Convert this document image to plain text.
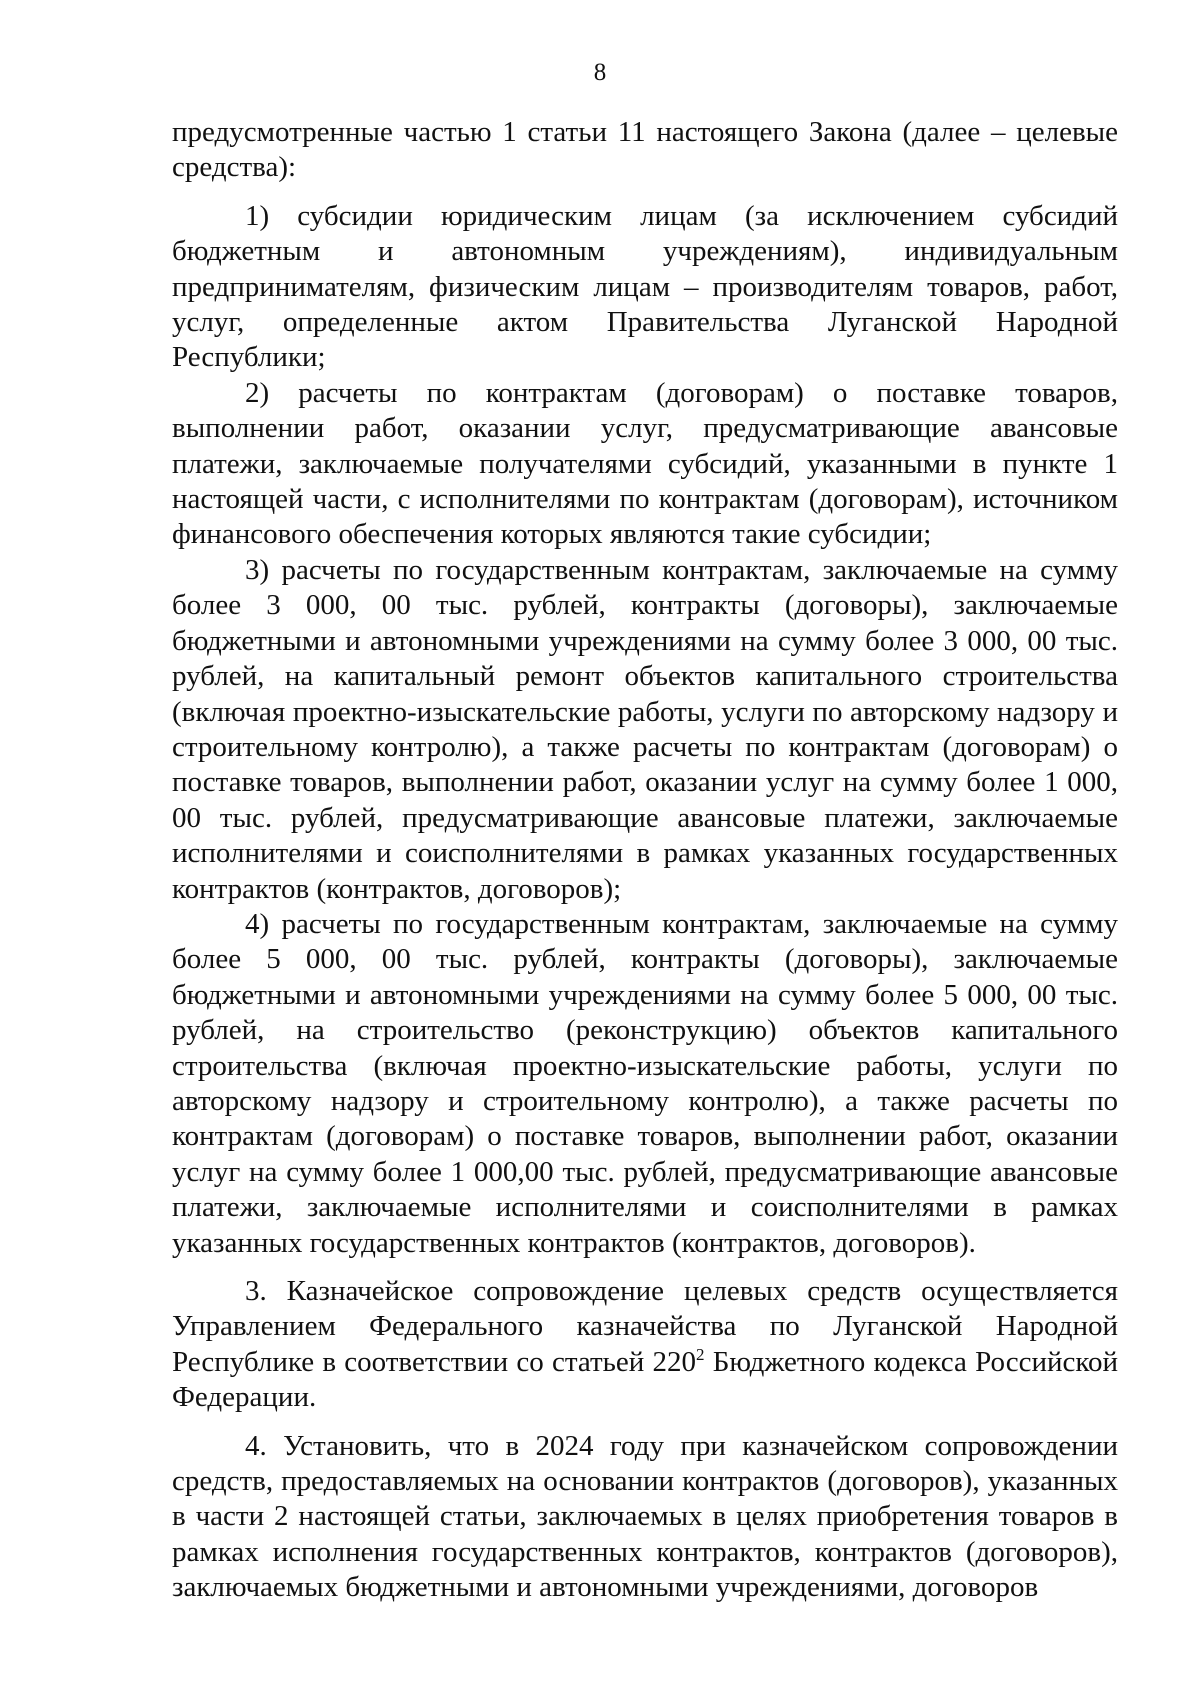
8

предусмотренные частью 1 статьи 11 настоящего Закона (далее – целевые средства):

1) субсидии юридическим лицам (за исключением субсидий бюджетным и автономным учреждениям), индивидуальным предпринимателям, физическим лицам – производителям товаров, работ, услуг, определенные актом Правительства Луганской Народной Республики;

2) расчеты по контрактам (договорам) о поставке товаров, выполнении работ, оказании услуг, предусматривающие авансовые платежи, заключаемые получателями субсидий, указанными в пункте 1 настоящей части, с исполнителями по контрактам (договорам), источником финансового обеспечения которых являются такие субсидии;

3) расчеты по государственным контрактам, заключаемые на сумму более 3 000, 00 тыс. рублей, контракты (договоры), заключаемые бюджетными и автономными учреждениями на сумму более 3 000, 00 тыс. рублей, на капитальный ремонт объектов капитального строительства (включая проектно-изыскательские работы, услуги по авторскому надзору и строительному контролю), а также расчеты по контрактам (договорам) о поставке товаров, выполнении работ, оказании услуг на сумму более 1 000, 00 тыс. рублей, предусматривающие авансовые платежи, заключаемые исполнителями и соисполнителями в рамках указанных государственных контрактов (контрактов, договоров);

4) расчеты по государственным контрактам, заключаемые на сумму более 5 000, 00 тыс. рублей, контракты (договоры), заключаемые бюджетными и автономными учреждениями на сумму более 5 000, 00 тыс. рублей, на строительство (реконструкцию) объектов капитального строительства (включая проектно-изыскательские работы, услуги по авторскому надзору и строительному контролю), а также расчеты по контрактам (договорам) о поставке товаров, выполнении работ, оказании услуг на сумму более 1 000,00 тыс. рублей, предусматривающие авансовые платежи, заключаемые исполнителями и соисполнителями в рамках указанных государственных контрактов (контрактов, договоров).

3. Казначейское сопровождение целевых средств осуществляется Управлением Федерального казначейства по Луганской Народной Республике в соответствии со статьей $220^2$ Бюджетного кодекса Российской Федерации.

4. Установить, что в 2024 году при казначейском сопровождении средств, предоставляемых на основании контрактов (договоров), указанных в части 2 настоящей статьи, заключаемых в целях приобретения товаров в рамках исполнения государственных контрактов, контрактов (договоров), заключаемых бюджетными и автономными учреждениями, договоров
